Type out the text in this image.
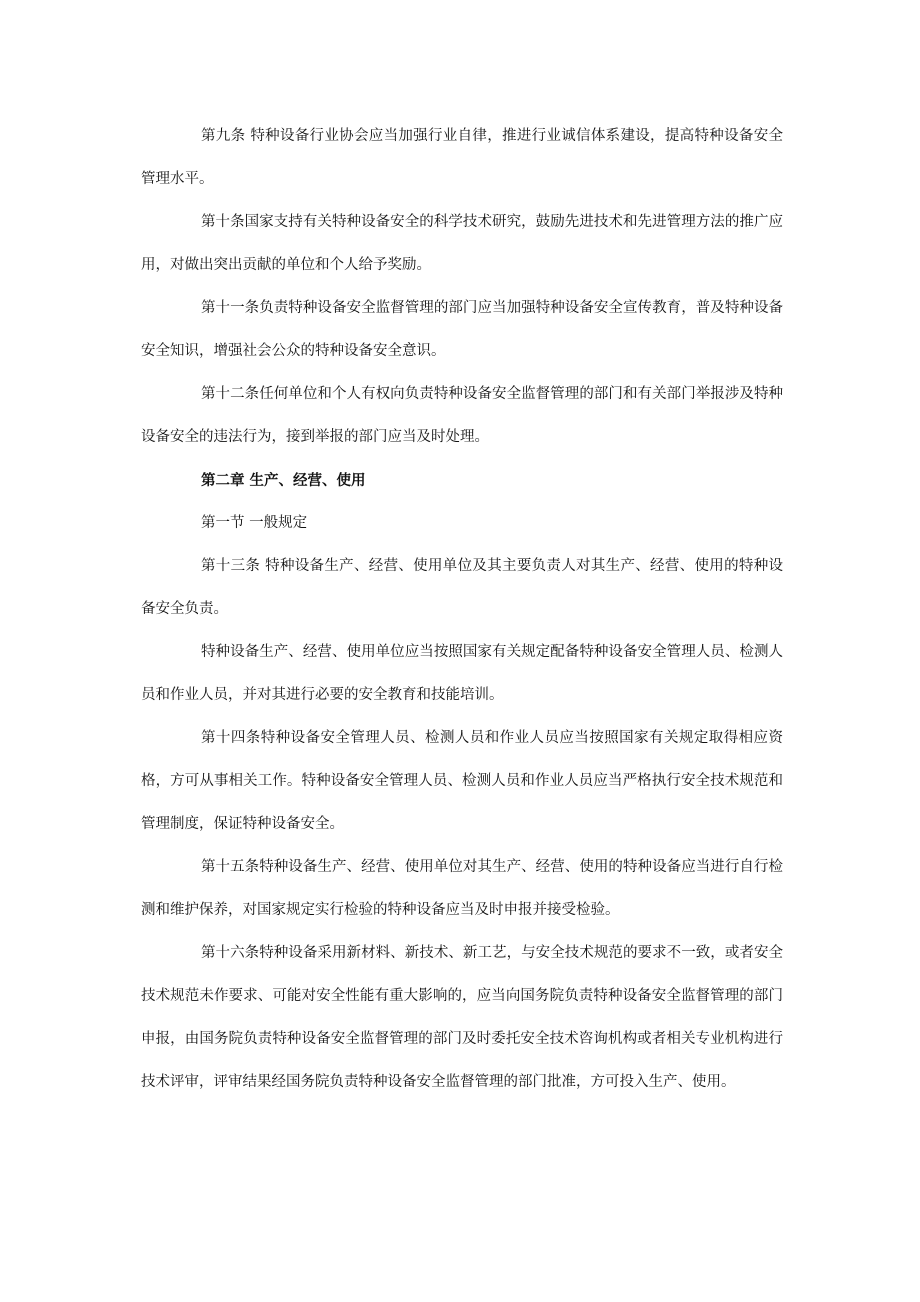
第九条 特种设备行业协会应当加强行业自律，推进行业诚信体系建设，提高特种设备安全管理水平。

第十条国家支持有关特种设备安全的科学技术研究，鼓励先进技术和先进管理方法的推广应用，对做出突出贡献的单位和个人给予奖励。

第十一条负责特种设备安全监督管理的部门应当加强特种设备安全宣传教育，普及特种设备安全知识，增强社会公众的特种设备安全意识。

第十二条任何单位和个人有权向负责特种设备安全监督管理的部门和有关部门举报涉及特种设备安全的违法行为，接到举报的部门应当及时处理。

第二章 生产、经营、使用

第一节 一般规定

第十三条 特种设备生产、经营、使用单位及其主要负责人对其生产、经营、使用的特种设备安全负责。

特种设备生产、经营、使用单位应当按照国家有关规定配备特种设备安全管理人员、检测人员和作业人员，并对其进行必要的安全教育和技能培训。

第十四条特种设备安全管理人员、检测人员和作业人员应当按照国家有关规定取得相应资格，方可从事相关工作。特种设备安全管理人员、检测人员和作业人员应当严格执行安全技术规范和管理制度，保证特种设备安全。

第十五条特种设备生产、经营、使用单位对其生产、经营、使用的特种设备应当进行自行检测和维护保养，对国家规定实行检验的特种设备应当及时申报并接受检验。

第十六条特种设备采用新材料、新技术、新工艺，与安全技术规范的要求不一致，或者安全技术规范未作要求、可能对安全性能有重大影响的，应当向国务院负责特种设备安全监督管理的部门申报，由国务院负责特种设备安全监督管理的部门及时委托安全技术咨询机构或者相关专业机构进行技术评审，评审结果经国务院负责特种设备安全监督管理的部门批准，方可投入生产、使用。
